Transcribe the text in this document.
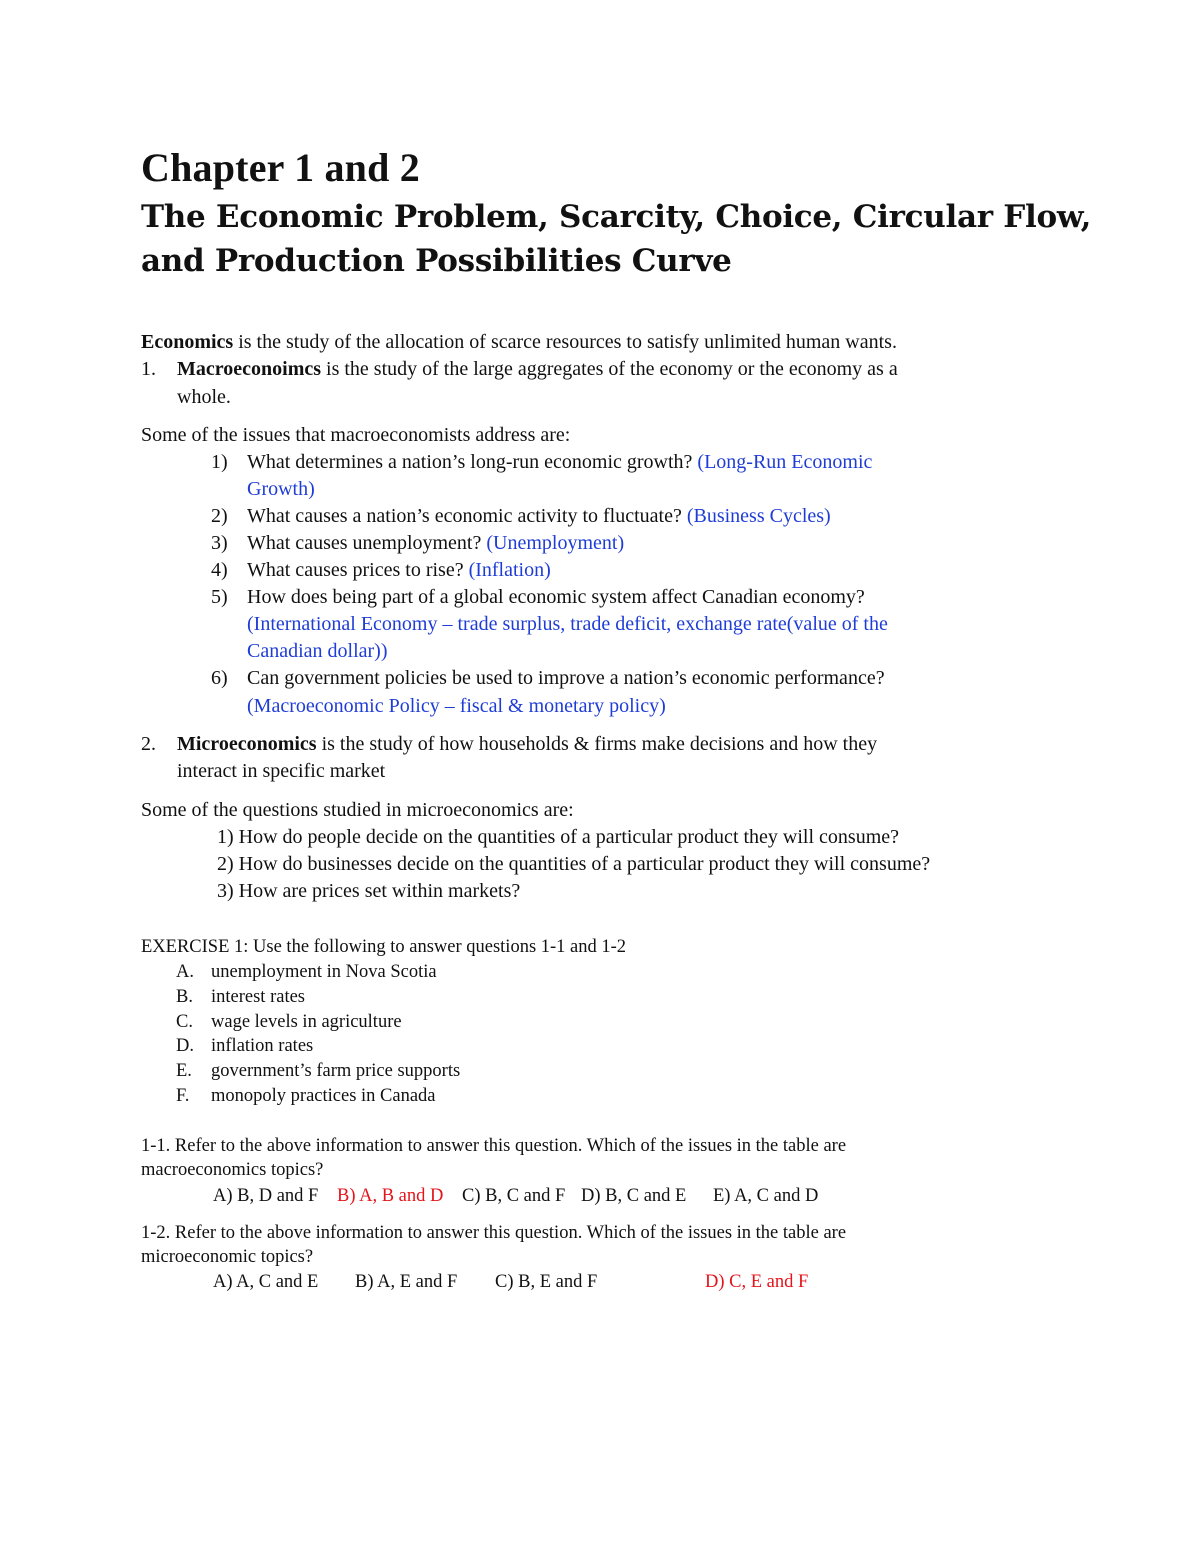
Chapter 1 and 2
The Economic Problem, Scarcity, Choice, Circular Flow,
and Production Possibilities Curve
Economics is the study of the allocation of scarce resources to satisfy unlimited human wants.
1. Macroeconoimcs is the study of the large aggregates of the economy or the economy as a
whole.
Some of the issues that macroeconomists address are:
1) What determines a nation’s long-run economic growth? (Long-Run Economic
Growth)
2) What causes a nation’s economic activity to fluctuate? (Business Cycles)
3) What causes unemployment? (Unemployment)
4) What causes prices to rise? (Inflation)
5) How does being part of a global economic system affect Canadian economy?
(International Economy – trade surplus, trade deficit, exchange rate(value of the
Canadian dollar))
6) Can government policies be used to improve a nation’s economic performance?
(Macroeconomic Policy – fiscal & monetary policy)
2. Microeconomics is the study of how households & firms make decisions and how they
interact in specific market
Some of the questions studied in microeconomics are:
1) How do people decide on the quantities of a particular product they will consume?
2) How do businesses decide on the quantities of a particular product they will consume?
3) How are prices set within markets?
EXERCISE 1: Use the following to answer questions 1-1 and 1-2
A. unemployment in Nova Scotia
B. interest rates
C. wage levels in agriculture
D. inflation rates
E. government’s farm price supports
F. monopoly practices in Canada
1-1. Refer to the above information to answer this question. Which of the issues in the table are
macroeconomics topics?
A) B, D and F B) A, B and D C) B, C and F D) B, C and E E) A, C and D
1-2. Refer to the above information to answer this question. Which of the issues in the table are
microeconomic topics?
A) A, C and E B) A, E and F C) B, E and F	D) C, E and F
